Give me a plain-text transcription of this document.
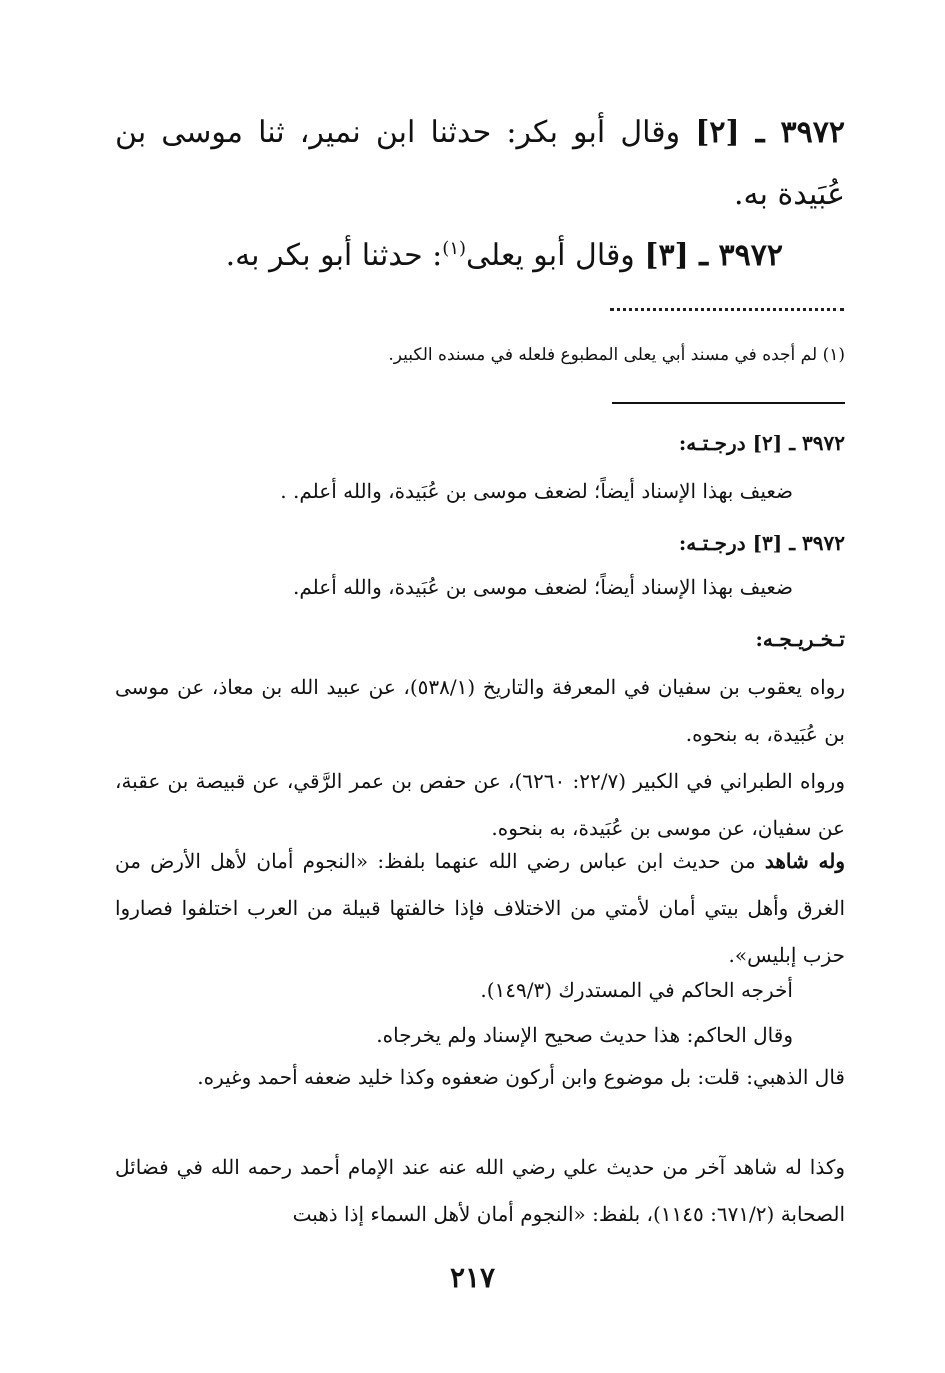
٣٩٧٢ ـ [٢] وقال أبو بكر: حدثنا ابن نمير، ثنا موسى بن عُبَيدة به.

٣٩٧٢ ـ [٣] وقال أبو يعلى$^{(١)}$: حدثنا أبو بكر به.

(١) لم أجده في مسند أبي يعلى المطبوع فلعله في مسنده الكبير.

٣٩٧٢ ـ [٢] درجـتـه:

ضعيف بهذا الإسناد أيضاً؛ لضعف موسى بن عُبَيدة، والله أعلم. .

٣٩٧٢ ـ [٣] درجـتـه:

ضعيف بهذا الإسناد أيضاً؛ لضعف موسى بن عُبَيدة، والله أعلم.

تـخـريـجـه:

رواه يعقوب بن سفيان في المعرفة والتاريخ (٥٣٨/١)، عن عبيد الله بن معاذ، عن موسى بن عُبَيدة، به بنحوه.

ورواه الطبراني في الكبير (٢٢/٧: ٦٢٦٠)، عن حفص بن عمر الرَّقي، عن قبيصة بن عقبة، عن سفيان، عن موسى بن عُبَيدة، به بنحوه.

وله شاهد من حديث ابن عباس رضي الله عنهما بلفظ: «النجوم أمان لأهل الأرض من الغرق وأهل بيتي أمان لأمتي من الاختلاف فإذا خالفتها قبيلة من العرب اختلفوا فصاروا حزب إبليس».

أخرجه الحاكم في المستدرك (١٤٩/٣).

وقال الحاكم: هذا حديث صحيح الإسناد ولم يخرجاه.

قال الذهبي: قلت: بل موضوع وابن أركون ضعفوه وكذا خليد ضعفه أحمد وغيره.

وكذا له شاهد آخر من حديث علي رضي الله عنه عند الإمام أحمد رحمه الله في فضائل الصحابة (٦٧١/٢: ١١٤٥)، بلفظ: «النجوم أمان لأهل السماء إذا ذهبت

٢١٧
